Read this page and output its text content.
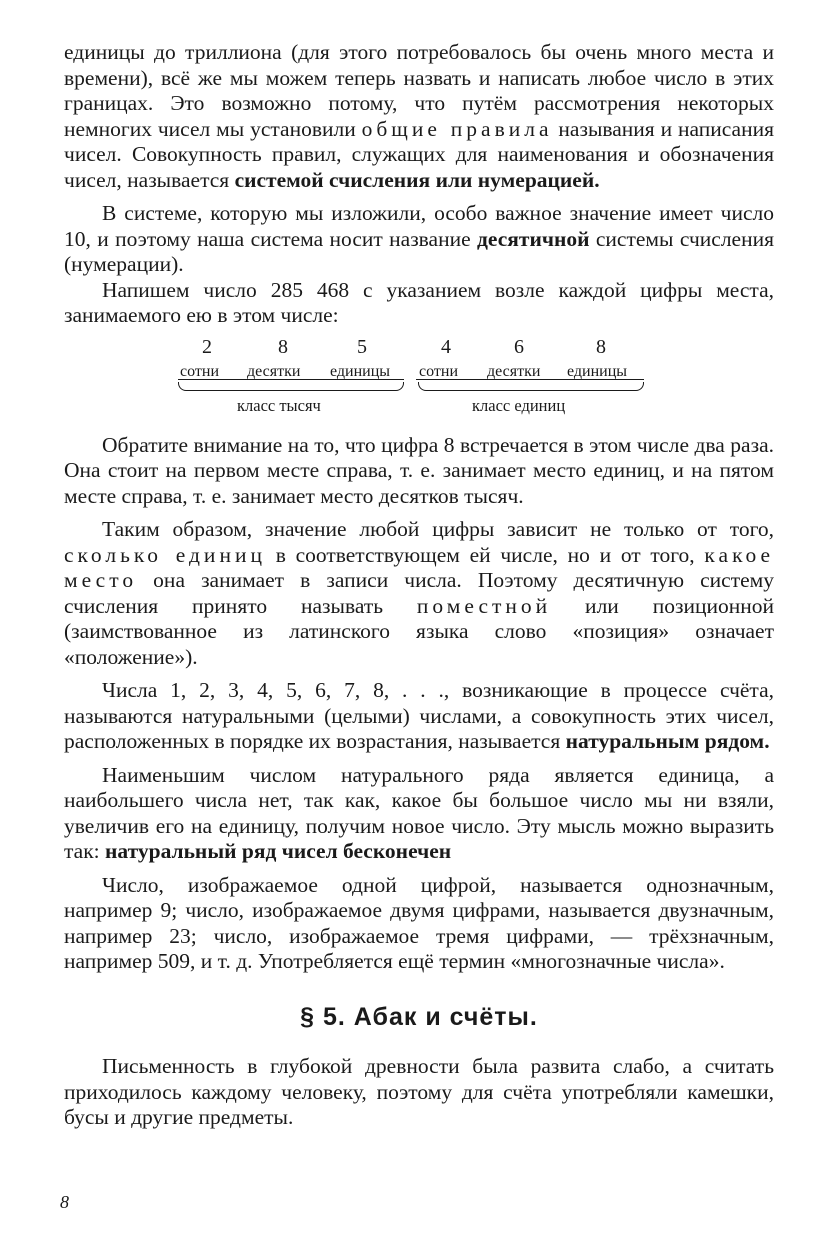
единицы до триллиона (для этого потребовалось бы очень много места и времени), всё же мы можем теперь назвать и написать любое число в этих границах. Это возможно потому, что путём рассмотрения некоторых немногих чисел мы установили общие правила называния и написания чисел. Совокупность правил, служащих для наименования и обозначения чисел, называется системой счисления или нумерацией.

В системе, которую мы изложили, особо важное значение имеет число 10, и поэтому наша система носит название десятичной системы счисления (нумерации).

Напишем число 285 468 с указанием возле каждой цифры места, занимаемого ею в этом числе:

2	8	5	4	6	8
сотни десятки единицы сотни десятки единицы
класс тысяч	класс единиц

Обратите внимание на то, что цифра 8 встречается в этом числе два раза. Она стоит на первом месте справа, т. е. занимает место единиц, и на пятом месте справа, т. е. занимает место десятков тысяч.

Таким образом, значение любой цифры зависит не только от того, сколько единиц в соответствующем ей числе, но и от того, какое место она занимает в записи числа. Поэтому десятичную систему счисления принято называть поместной или позиционной (заимствованное из латинского языка слово «позиция» означает «положение»).

Числа 1, 2, 3, 4, 5, 6, 7, 8, . . ., возникающие в процессе счёта, называются натуральными (целыми) числами, а совокупность этих чисел, расположенных в порядке их возрастания, называется натуральным рядом.

Наименьшим числом натурального ряда является единица, а наибольшего числа нет, так как, какое бы большое число мы ни взяли, увеличив его на единицу, получим новое число. Эту мысль можно выразить так: натуральный ряд чисел бесконечен

Число, изображаемое одной цифрой, называется однозначным, например 9; число, изображаемое двумя цифрами, называется двузначным, например 23; число, изображаемое тремя цифрами, — трёхзначным, например 509, и т. д. Употребляется ещё термин «многозначные числа».

§ 5. Абак и счёты.

Письменность в глубокой древности была развита слабо, а считать приходилось каждому человеку, поэтому для счёта употребляли камешки, бусы и другие предметы.

8
